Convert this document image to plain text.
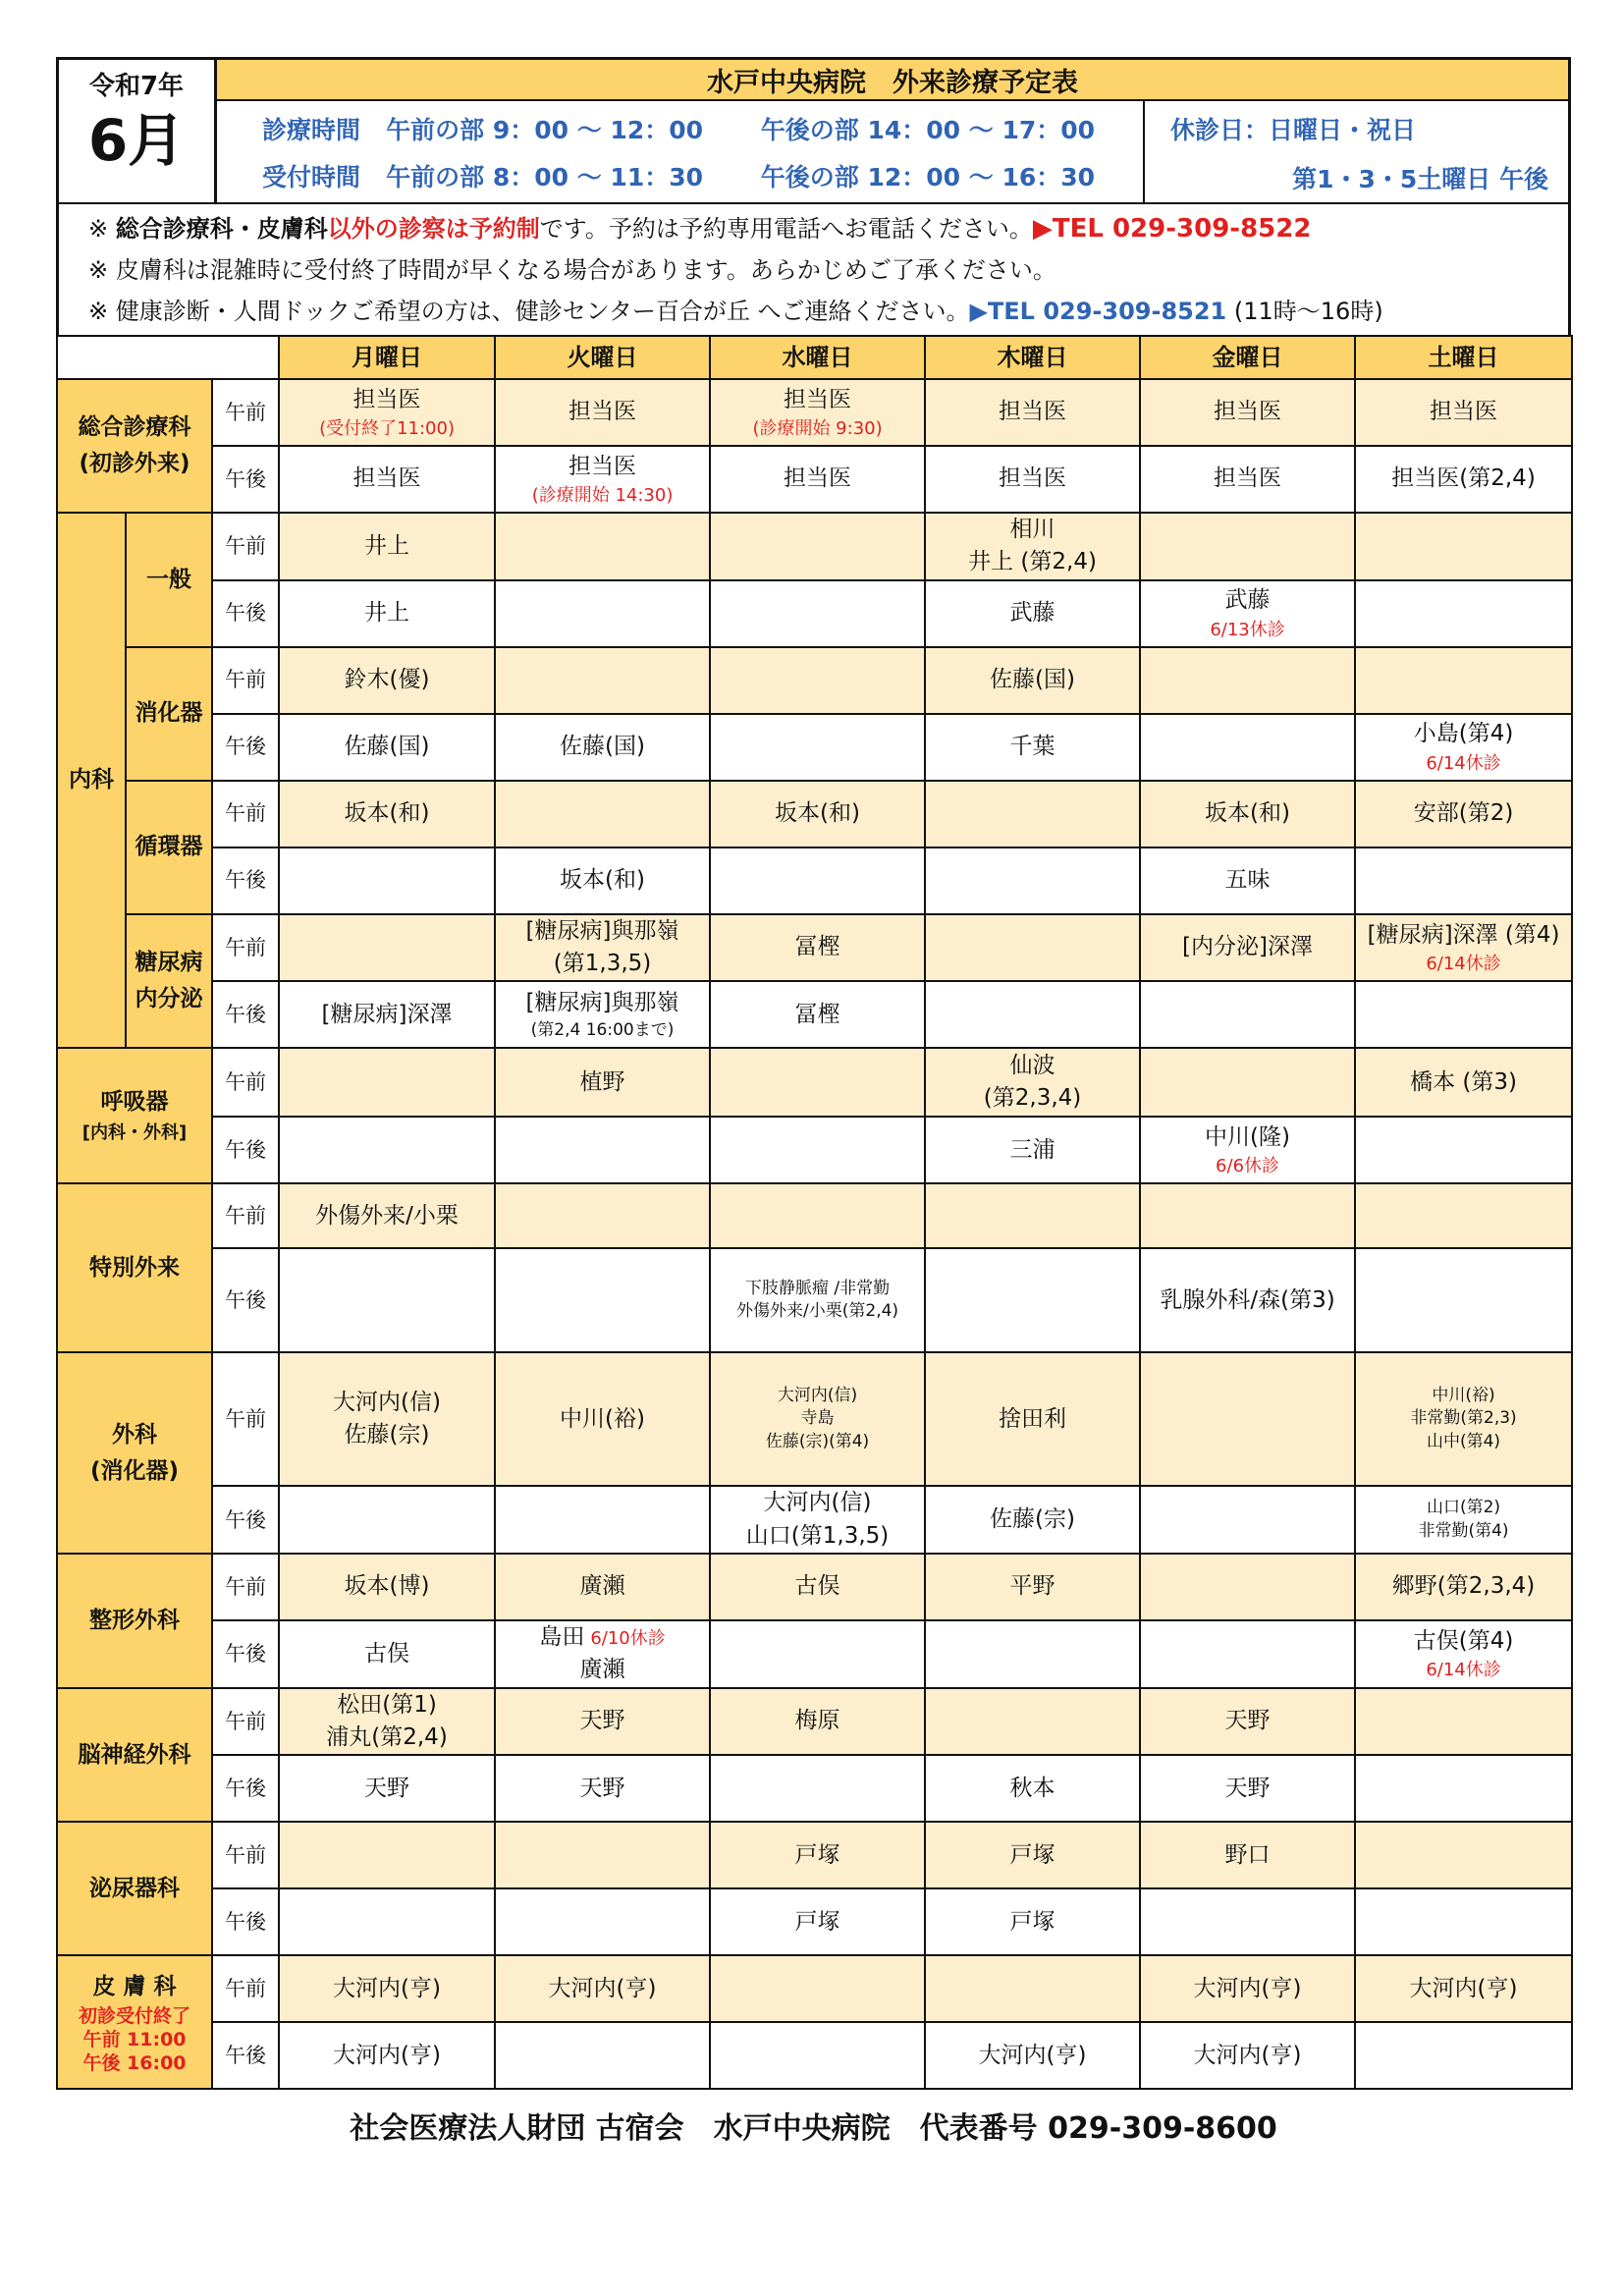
令和7年
6月
水戸中央病院　外来診療予定表
診療時間 午前の部 9：00 ～ 12：00 午後の部 14：00 ～ 17：00
受付時間 午前の部 8：00 ～ 11：30 午後の部 12：00 ～ 16：30
休診日：日曜日・祝日
第1・3・5土曜日 午後
※ 総合診療科・皮膚科以外の診察は予約制です。予約は予約専用電話へお電話ください。▶TEL 029-309-8522
※ 皮膚科は混雑時に受付終了時間が早くなる場合があります。あらかじめご了承ください。
※ 健康診断・人間ドックご希望の方は、健診センター百合が丘 へご連絡ください。▶TEL 029-309-8521 (11時～16時)
			月曜日	火曜日	水曜日	木曜日	金曜日	土曜日

総合診療科
(初診外来)		午前	担当医
(受付終了11:00)	担当医	担当医
(診療開始 9:30)	担当医	担当医	担当医

		午後	担当医	担当医
(診療開始 14:30)	担当医	担当医	担当医	担当医(第2,4)

内科	一般	午前	井上			相川
井上 (第2,4)		

		午後	井上			武藤	武藤
6/13休診	

	消化器	午前	鈴木(優)			佐藤(国)		

		午後	佐藤(国)	佐藤(国)		千葉		小島(第4)
6/14休診

	循環器	午前	坂本(和)		坂本(和)		坂本(和)	安部(第2)

		午後		坂本(和)			五味	

	糖尿病
内分泌	午前		[糖尿病]與那嶺
(第1,3,5)	冨樫		[内分泌]深澤	[糖尿病]深澤 (第4)
6/14休診

		午後	[糖尿病]深澤	[糖尿病]與那嶺
(第2,4 16:00まで)	冨樫			

呼吸器
[内科・外科]		午前		植野		仙波
(第2,3,4)		橋本 (第3)

		午後				三浦	中川(隆)
6/6休診	

特別外来		午前	外傷外来/小栗					

		午後			下肢静脈瘤 /非常勤
外傷外来/小栗(第2,4)		乳腺外科/森(第3)	

外科
(消化器)		午前	大河内(信)
佐藤(宗)	中川(裕)	大河内(信)
寺島
佐藤(宗)(第4)	捨田利		中川(裕)
非常勤(第2,3)
山中(第4)

		午後			大河内(信)
山口(第1,3,5)	佐藤(宗)		山口(第2)
非常勤(第4)

整形外科		午前	坂本(博)	廣瀬	古俣	平野		郷野(第2,3,4)

		午後	古俣	島田 6/10休診
廣瀬				古俣(第4)
6/14休診

脳神経外科		午前	松田(第1)
浦丸(第2,4)	天野	梅原		天野	

		午後	天野	天野		秋本	天野	

泌尿器科		午前			戸塚	戸塚	野口	

		午後			戸塚	戸塚		

皮 膚 科
初診受付終了
午前 11:00
午後 16:00		午前	大河内(亨)	大河内(亨)			大河内(亨)	大河内(亨)

		午後	大河内(亨)			大河内(亨)	大河内(亨)	

社会医療法人財団 古宿会　水戸中央病院　代表番号 029-309-8600
